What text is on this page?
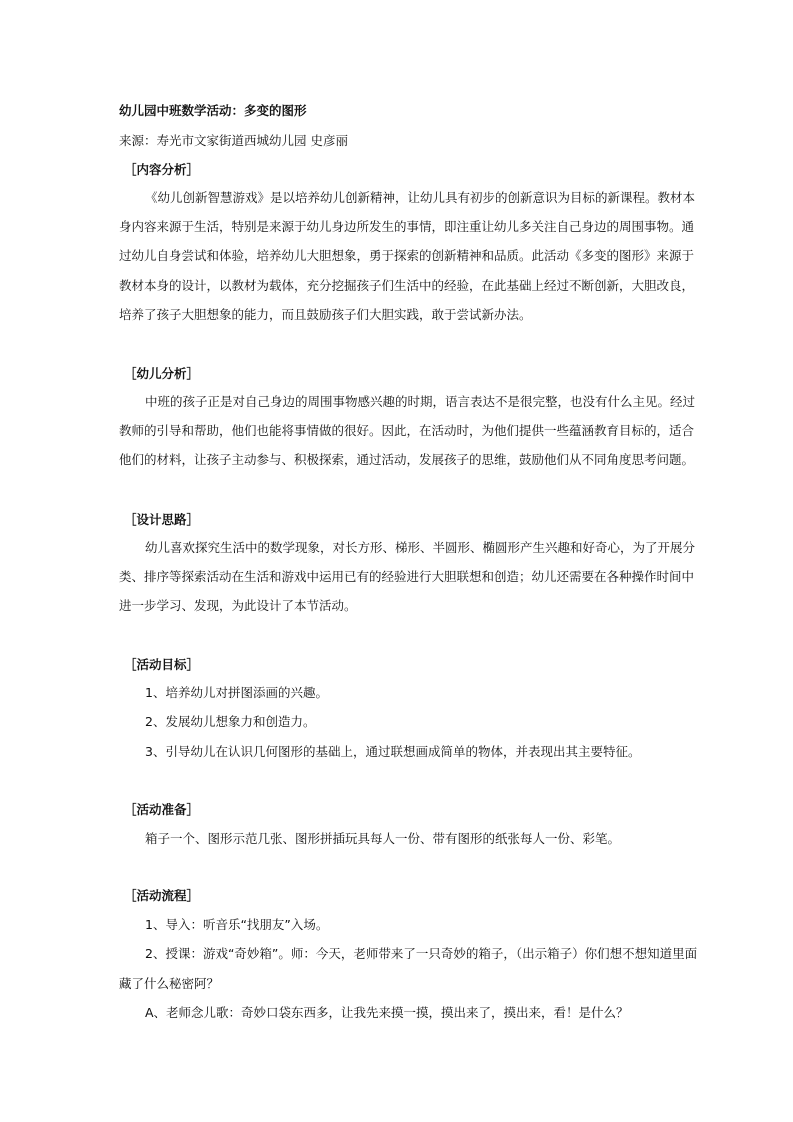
幼儿园中班数学活动：多变的图形
来源：寿光市文家街道西城幼儿园 史彦丽
［内容分析］
《幼儿创新智慧游戏》是以培养幼儿创新精神，让幼儿具有初步的创新意识为目标的新课程。教材本
身内容来源于生活，特别是来源于幼儿身边所发生的事情，即注重让幼儿多关注自己身边的周围事物。通
过幼儿自身尝试和体验，培养幼儿大胆想象，勇于探索的创新精神和品质。此活动《多变的图形》来源于
教材本身的设计，以教材为载体，充分挖掘孩子们生活中的经验，在此基础上经过不断创新，大胆改良，
培养了孩子大胆想象的能力，而且鼓励孩子们大胆实践，敢于尝试新办法。
［幼儿分析］
中班的孩子正是对自己身边的周围事物感兴趣的时期，语言表达不是很完整，也没有什么主见。经过
教师的引导和帮助，他们也能将事情做的很好。因此，在活动时，为他们提供一些蕴涵教育目标的，适合
他们的材料，让孩子主动参与、积极探索，通过活动，发展孩子的思维，鼓励他们从不同角度思考问题。
［设计思路］
幼儿喜欢探究生活中的数学现象，对长方形、梯形、半圆形、椭圆形产生兴趣和好奇心，为了开展分
类、排序等探索活动在生活和游戏中运用已有的经验进行大胆联想和创造；幼儿还需要在各种操作时间中
进一步学习、发现，为此设计了本节活动。
［活动目标］
1、培养幼儿对拼图添画的兴趣。
2、发展幼儿想象力和创造力。
3、引导幼儿在认识几何图形的基础上，通过联想画成简单的物体，并表现出其主要特征。
［活动准备］
箱子一个、图形示范几张、图形拼插玩具每人一份、带有图形的纸张每人一份、彩笔。
［活动流程］
1、导入：听音乐“找朋友”入场。
2、授课：游戏“奇妙箱”。师：今天，老师带来了一只奇妙的箱子，（出示箱子）你们想不想知道里面
藏了什么秘密阿？
A、老师念儿歌：奇妙口袋东西多，让我先来摸一摸，摸出来了，摸出来，看！是什么？
